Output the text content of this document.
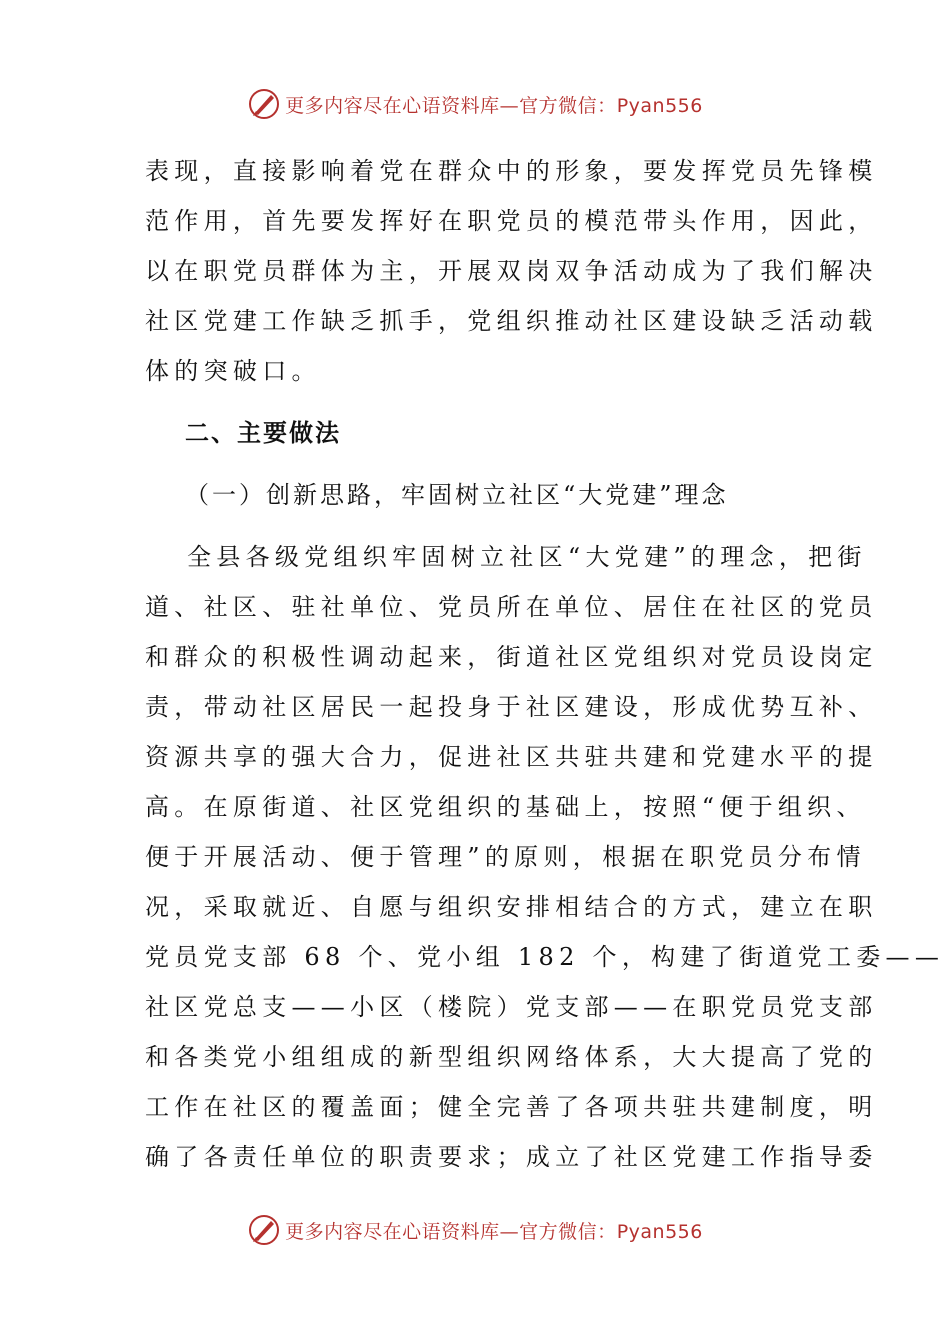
更多内容尽在心语资料库—官方微信：Pyan556
表现，直接影响着党在群众中的形象，要发挥党员先锋模
范作用，首先要发挥好在职党员的模范带头作用，因此，
以在职党员群体为主，开展双岗双争活动成为了我们解决
社区党建工作缺乏抓手，党组织推动社区建设缺乏活动载
体的突破口。
二、主要做法
（一）创新思路，牢固树立社区“大党建”理念
全县各级党组织牢固树立社区“大党建”的理念，把街
道、社区、驻社单位、党员所在单位、居住在社区的党员
和群众的积极性调动起来，街道社区党组织对党员设岗定
责，带动社区居民一起投身于社区建设，形成优势互补、
资源共享的强大合力，促进社区共驻共建和党建水平的提
高。在原街道、社区党组织的基础上，按照“便于组织、
便于开展活动、便于管理”的原则，根据在职党员分布情
况，采取就近、自愿与组织安排相结合的方式，建立在职
党员党支部 68 个、党小组 182 个，构建了街道党工委——
社区党总支——小区（楼院）党支部——在职党员党支部
和各类党小组组成的新型组织网络体系，大大提高了党的
工作在社区的覆盖面；健全完善了各项共驻共建制度，明
确了各责任单位的职责要求；成立了社区党建工作指导委
更多内容尽在心语资料库—官方微信：Pyan556
